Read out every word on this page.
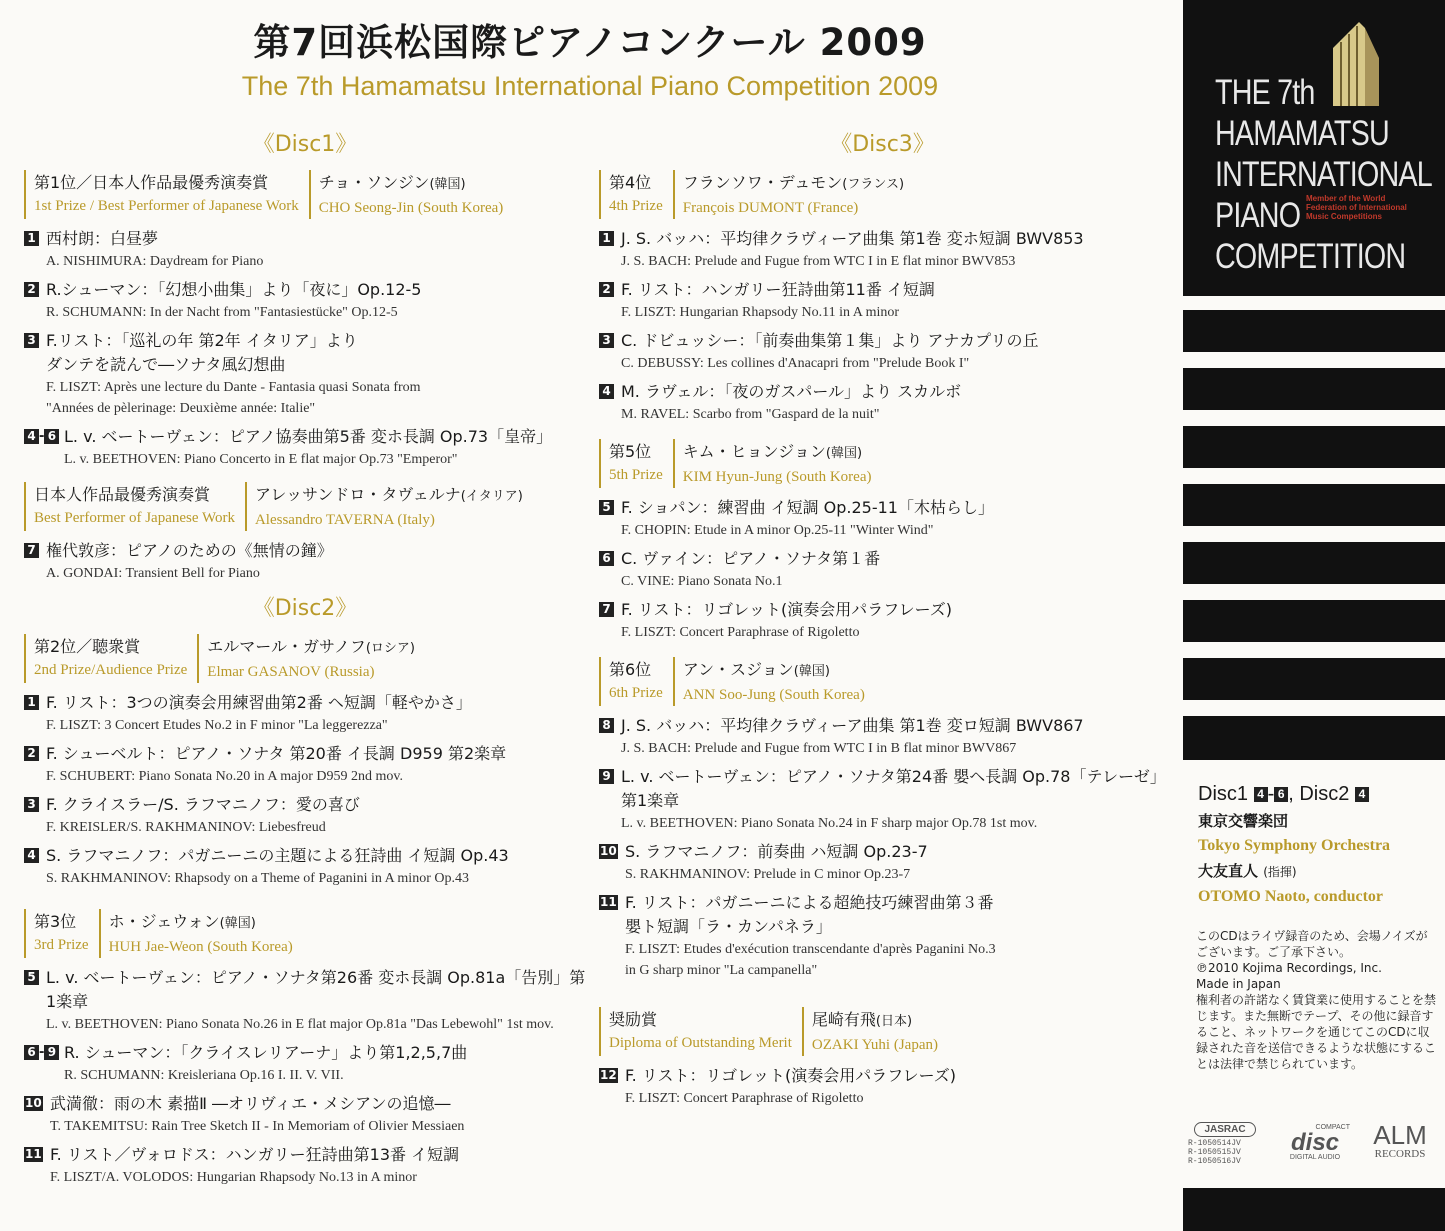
第7回浜松国際ピアノコンクール 2009
The 7th Hamamatsu International Piano Competition 2009
《Disc1》
第1位／日本人作品最優秀演奏賞
1st Prize / Best Performer of Japanese Work
チョ・ソンジン(韓国)
CHO Seong-Jin (South Korea)
1 西村朗：白昼夢
A. NISHIMURA: Daydream for Piano
2 R.シューマン：「幻想小曲集」より「夜に」Op.12-5
R. SCHUMANN: In der Nacht from "Fantasiestücke" Op.12-5
3 F.リスト：「巡礼の年 第2年 イタリア」より
ダンテを読んで―ソナタ風幻想曲
F. LISZT: Après une lecture du Dante - Fantasia quasi Sonata from
"Années de pèlerinage: Deuxième année: Italie"
4 - 6 L. v. ベートーヴェン：ピアノ協奏曲第5番 変ホ長調 Op.73「皇帝」
L. v. BEETHOVEN: Piano Concerto in E flat major Op.73 "Emperor"
日本人作品最優秀演奏賞
Best Performer of Japanese Work
アレッサンドロ・タヴェルナ(イタリア)
Alessandro TAVERNA (Italy)
7 権代敦彦：ピアノのための《無情の鐘》
A. GONDAI: Transient Bell for Piano
《Disc2》
第2位／聴衆賞
2nd Prize/Audience Prize
エルマール・ガサノフ(ロシア)
Elmar GASANOV (Russia)
1 F. リスト：3つの演奏会用練習曲第2番 ヘ短調「軽やかさ」
F. LISZT: 3 Concert Etudes No.2 in F minor "La leggerezza"
2 F. シューベルト：ピアノ・ソナタ 第20番 イ長調 D959 第2楽章
F. SCHUBERT: Piano Sonata No.20 in A major D959 2nd mov.
3 F. クライスラー/S. ラフマニノフ：愛の喜び
F. KREISLER/S. RAKHMANINOV: Liebesfreud
4 S. ラフマニノフ：パガニーニの主題による狂詩曲 イ短調 Op.43
S. RAKHMANINOV: Rhapsody on a Theme of Paganini in A minor Op.43
第3位
3rd Prize
ホ・ジェウォン(韓国)
HUH Jae-Weon (South Korea)
5 L. v. ベートーヴェン：ピアノ・ソナタ第26番 変ホ長調 Op.81a「告別」第1楽章
L. v. BEETHOVEN: Piano Sonata No.26 in E flat major Op.81a "Das Lebewohl" 1st mov.
6 - 9 R. シューマン：「クライスレリアーナ」より第1,2,5,7曲
R. SCHUMANN: Kreisleriana Op.16 I. II. V. VII.
10 武満徹：雨の木 素描Ⅱ ―オリヴィエ・メシアンの追憶―
T. TAKEMITSU: Rain Tree Sketch II - In Memoriam of Olivier Messiaen
11 F. リスト／ヴォロドス：ハンガリー狂詩曲第13番 イ短調
F. LISZT/A. VOLODOS: Hungarian Rhapsody No.13 in A minor
《Disc3》
第4位
4th Prize
フランソワ・デュモン(フランス)
François DUMONT (France)
1 J. S. バッハ：平均律クラヴィーア曲集 第1巻 変ホ短調 BWV853
J. S. BACH: Prelude and Fugue from WTC I in E flat minor BWV853
2 F. リスト：ハンガリー狂詩曲第11番 イ短調
F. LISZT: Hungarian Rhapsody No.11 in A minor
3 C. ドビュッシー：「前奏曲集第１集」より アナカプリの丘
C. DEBUSSY: Les collines d'Anacapri from "Prelude Book I"
4 M. ラヴェル：「夜のガスパール」より スカルボ
M. RAVEL: Scarbo from "Gaspard de la nuit"
第5位
5th Prize
キム・ヒョンジョン(韓国)
KIM Hyun-Jung (South Korea)
5 F. ショパン：練習曲 イ短調 Op.25-11「木枯らし」
F. CHOPIN: Etude in A minor Op.25-11 "Winter Wind"
6 C. ヴァイン：ピアノ・ソナタ第１番
C. VINE: Piano Sonata No.1
7 F. リスト：リゴレット(演奏会用パラフレーズ)
F. LISZT: Concert Paraphrase of Rigoletto
第6位
6th Prize
アン・スジョン(韓国)
ANN Soo-Jung (South Korea)
8 J. S. バッハ：平均律クラヴィーア曲集 第1巻 変ロ短調 BWV867
J. S. BACH: Prelude and Fugue from WTC I in B flat minor BWV867
9 L. v. ベートーヴェン：ピアノ・ソナタ第24番 嬰ヘ長調 Op.78「テレーゼ」第1楽章
L. v. BEETHOVEN: Piano Sonata No.24 in F sharp major Op.78 1st mov.
10 S. ラフマニノフ：前奏曲 ハ短調 Op.23-7
S. RAKHMANINOV: Prelude in C minor Op.23-7
11 F. リスト：パガニーニによる超絶技巧練習曲第３番
嬰ト短調「ラ・カンパネラ」
F. LISZT: Etudes d'exécution transcendante d'après Paganini No.3
in G sharp minor "La campanella"
奨励賞
Diploma of Outstanding Merit
尾崎有飛(日本)
OZAKI Yuhi (Japan)
12 F. リスト：リゴレット(演奏会用パラフレーズ)
F. LISZT: Concert Paraphrase of Rigoletto
THE 7th
HAMAMATSU
INTERNATIONAL
PIANO
COMPETITION
Member of the World Federation of International Music Competitions
Disc1 4 - 6 , Disc2 4
東京交響楽団
Tokyo Symphony Orchestra
大友直人 (指揮)
OTOMO Naoto, conductor
このCDはライヴ録音のため、会場ノイズがございます。ご了承下さい。
℗2010 Kojima Recordings, Inc.
Made in Japan
権利者の許諾なく賃貸業に使用することを禁じます。また無断でテープ、その他に録音すること、ネットワークを通じてこのCDに収録された音を送信できるような状態にすることは法律で禁じられています。
JASRAC
R-1050514JV
R-1050515JV
R-1050516JV
COMPACT
disc
DIGITAL AUDIO
ALM
RECORDS
